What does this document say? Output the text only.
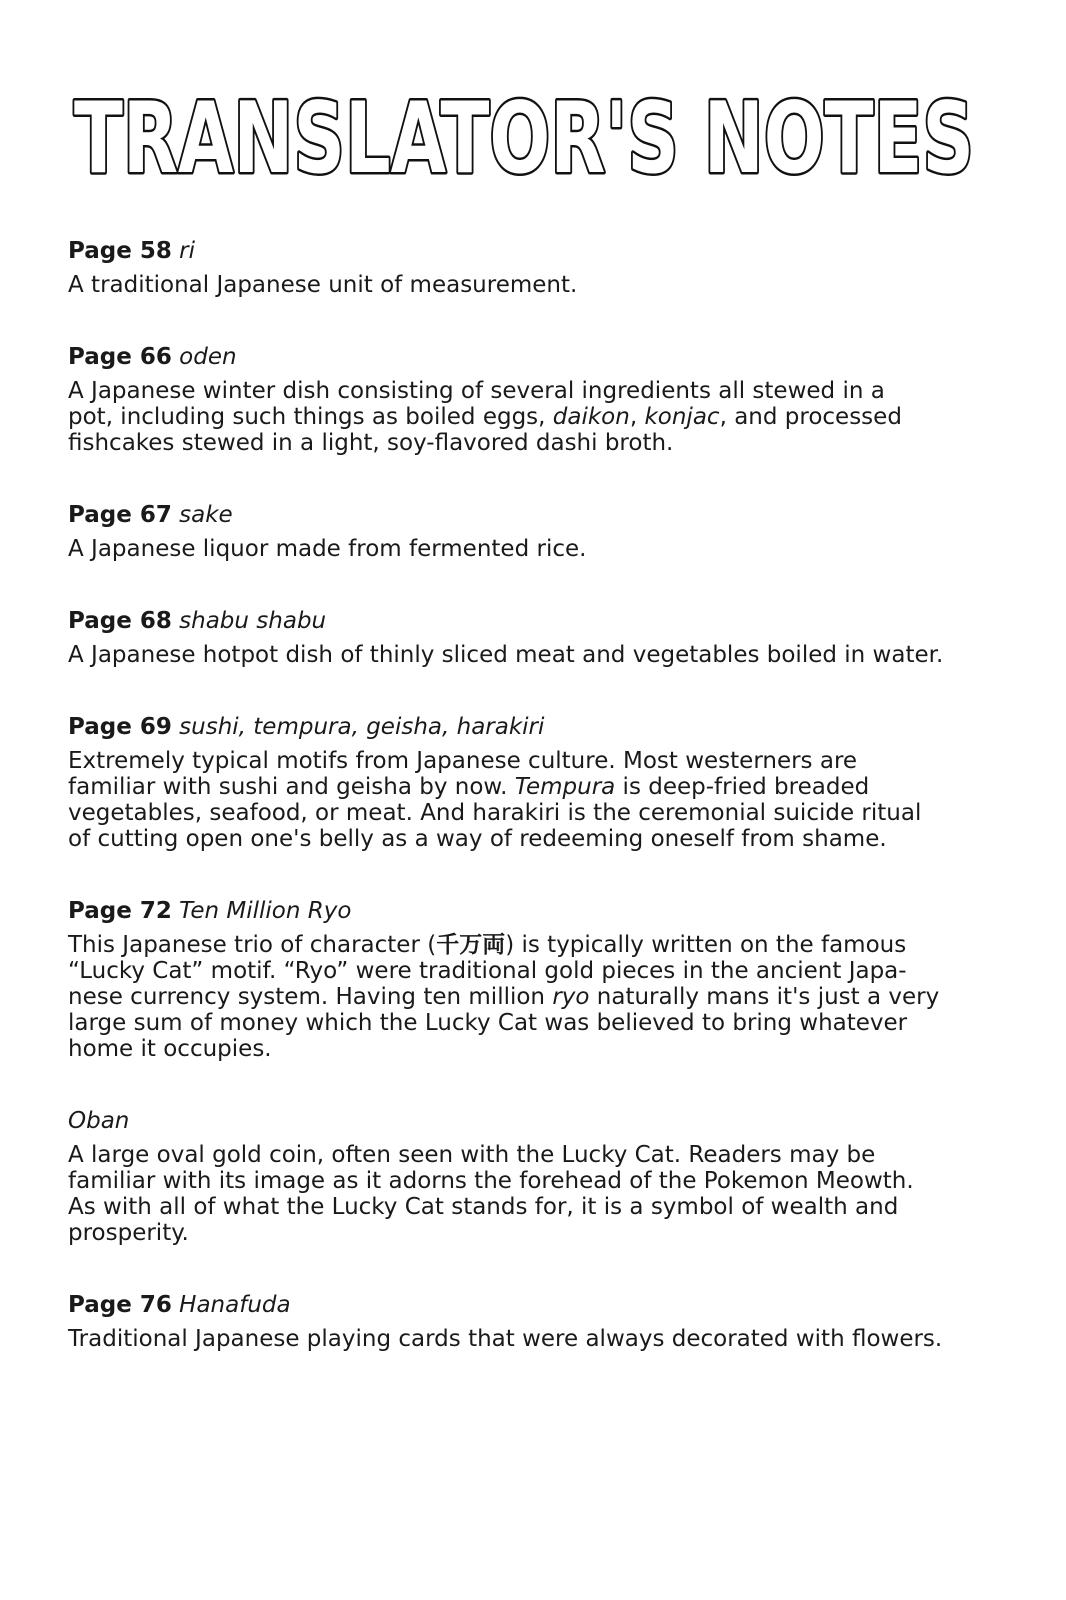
TRANSLATOR'S NOTES
Page 58 ri

A traditional Japanese unit of measurement.

Page 66 oden

A Japanese winter dish consisting of several ingredients all stewed in a

pot, including such things as boiled eggs, daikon, konjac, and processed

fishcakes stewed in a light, soy-flavored dashi broth.

Page 67 sake

A Japanese liquor made from fermented rice.

Page 68 shabu shabu

A Japanese hotpot dish of thinly sliced meat and vegetables boiled in water.

Page 69 sushi, tempura, geisha, harakiri

Extremely typical motifs from Japanese culture. Most westerners are

familiar with sushi and geisha by now. Tempura is deep-fried breaded

vegetables, seafood, or meat. And harakiri is the ceremonial suicide ritual

of cutting open one's belly as a way of redeeming oneself from shame.

Page 72 Ten Million Ryo

This Japanese trio of character (千万両) is typically written on the famous

“Lucky Cat” motif. “Ryo” were traditional gold pieces in the ancient Japa-

nese currency system. Having ten million ryo naturally mans it's just a very

large sum of money which the Lucky Cat was believed to bring whatever

home it occupies.

Oban

A large oval gold coin, often seen with the Lucky Cat. Readers may be

familiar with its image as it adorns the forehead of the Pokemon Meowth.

As with all of what the Lucky Cat stands for, it is a symbol of wealth and

prosperity.

Page 76 Hanafuda

Traditional Japanese playing cards that were always decorated with flowers.
